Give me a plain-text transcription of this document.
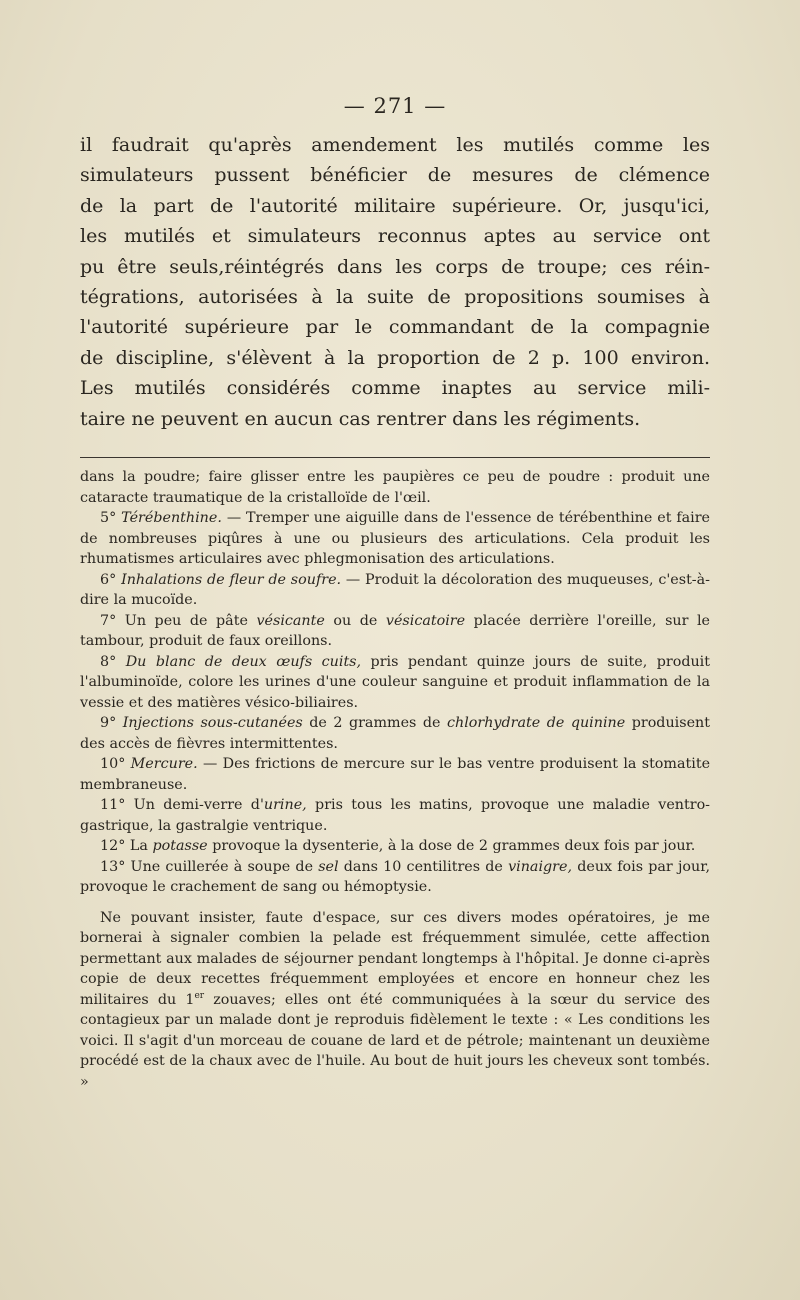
— 271 —

il faudrait qu'après amendement les mutilés comme les

simulateurs pussent bénéficier de mesures de clémence

de la part de l'autorité militaire supérieure. Or, jusqu'ici,

les mutilés et simulateurs reconnus aptes au service ont

pu être seuls,réintégrés dans les corps de troupe; ces réin-

tégrations, autorisées à la suite de propositions soumises à

l'autorité supérieure par le commandant de la compagnie

de discipline, s'élèvent à la proportion de 2 p. 100 environ.

Les mutilés considérés comme inaptes au service mili-

taire ne peuvent en aucun cas rentrer dans les régiments.

dans la poudre; faire glisser entre les paupières ce peu de poudre : produit une cataracte traumatique de la cristalloïde de l'œil.

5° Térébenthine. — Tremper une aiguille dans de l'essence de térébenthine et faire de nombreuses piqûres à une ou plusieurs des articulations. Cela produit les rhumatismes articulaires avec phlegmonisation des articulations.

6° Inhalations de fleur de soufre. — Produit la décoloration des muqueuses, c'est-à-dire la mucoïde.

7° Un peu de pâte vésicante ou de vésicatoire placée derrière l'oreille, sur le tambour, produit de faux oreillons.

8° Du blanc de deux œufs cuits, pris pendant quinze jours de suite, produit l'albuminoïde, colore les urines d'une couleur sanguine et produit inflammation de la vessie et des matières vésico-biliaires.

9° Injections sous-cutanées de 2 grammes de chlorhydrate de quinine produisent des accès de fièvres intermittentes.

10° Mercure. — Des frictions de mercure sur le bas ventre produisent la stomatite membraneuse.

11° Un demi-verre d'urine, pris tous les matins, provoque une maladie ventro-gastrique, la gastralgie ventrique.

12° La potasse provoque la dysenterie, à la dose de 2 grammes deux fois par jour.

13° Une cuillerée à soupe de sel dans 10 centilitres de vinaigre, deux fois par jour, provoque le crachement de sang ou hémoptysie.

Ne pouvant insister, faute d'espace, sur ces divers modes opératoires, je me bornerai à signaler combien la pelade est fréquemment simulée, cette affection permettant aux malades de séjourner pendant longtemps à l'hôpital. Je donne ci-après copie de deux recettes fréquemment employées et encore en honneur chez les militaires du 1er zouaves; elles ont été communiquées à la sœur du service des contagieux par un malade dont je reproduis fidèlement le texte : « Les conditions les voici. Il s'agit d'un morceau de couane de lard et de pétrole; maintenant un deuxième procédé est de la chaux avec de l'huile. Au bout de huit jours les cheveux sont tombés. »
